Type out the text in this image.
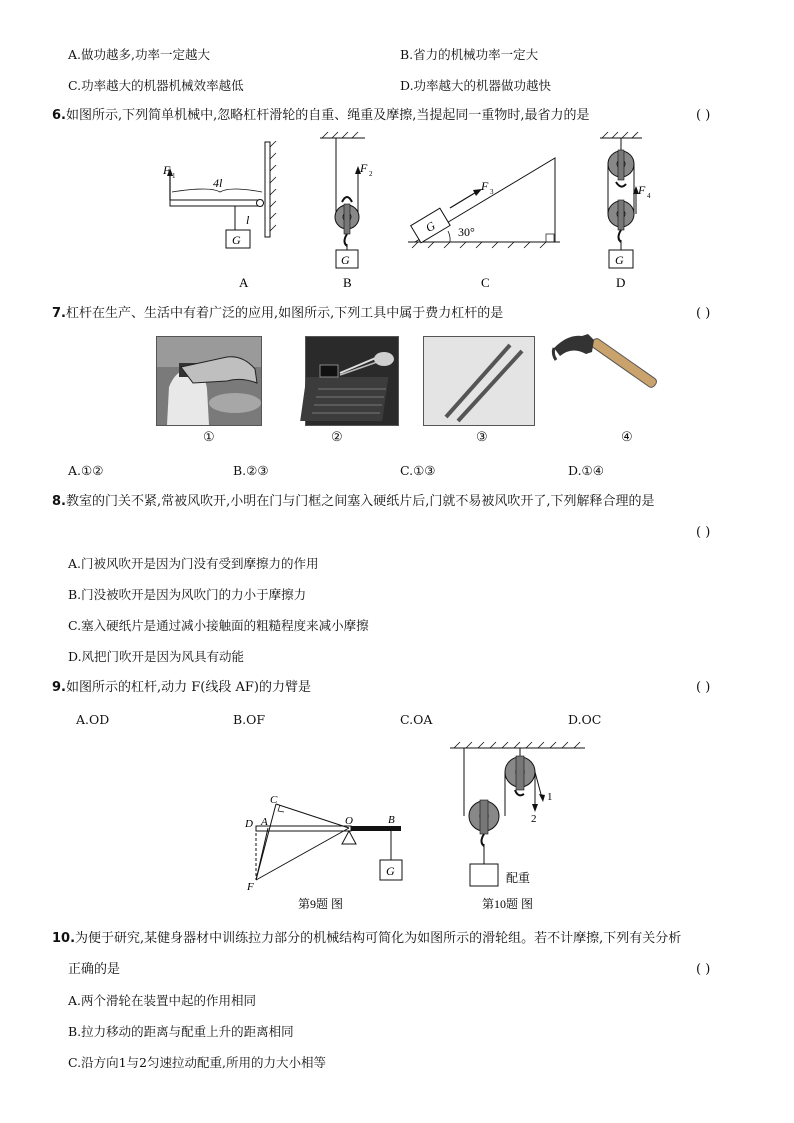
A.做功越多,功率一定越大	B.省力的机械功率一定大
C.功率越大的机器机械效率越低	D.功率越大的机器做功越快
6.如图所示,下列简单机械中,忽略杠杆滑轮的自重、绳重及摩擦,当提起同一重物时,最省力的是	( )
F 1	4l
l
G
A
F 2
G
B
G
F 3
30°
C
F 4
G
D
7.杠杆在生产、生活中有着广泛的应用,如图所示,下列工具中属于费力杠杆的是	( )
①	②	③	④
A.①②	B.②③	C.①③	D.①④
8.教室的门关不紧,常被风吹开,小明在门与门框之间塞入硬纸片后,门就不易被风吹开了,下列解释合理的是
( )
A.门被风吹开是因为门没有受到摩擦力的作用
B.门没被吹开是因为风吹门的力小于摩擦力
C.塞入硬纸片是通过减小接触面的粗糙程度来减小摩擦
D.风把门吹开是因为风具有动能
9.如图所示的杠杆,动力 F(线段 AF)的力臂是	( )
A.OD	B.OF	C.OA	D.OC
G
C
D A	O	B
F
第9题 图
1
2
配重
第10题 图
10.为便于研究,某健身器材中训练拉力部分的机械结构可简化为如图所示的滑轮组。若不计摩擦,下列有关分析
正确的是	( )
A.两个滑轮在装置中起的作用相同
B.拉力移动的距离与配重上升的距离相同
C.沿方向1与2匀速拉动配重,所用的力大小相等
